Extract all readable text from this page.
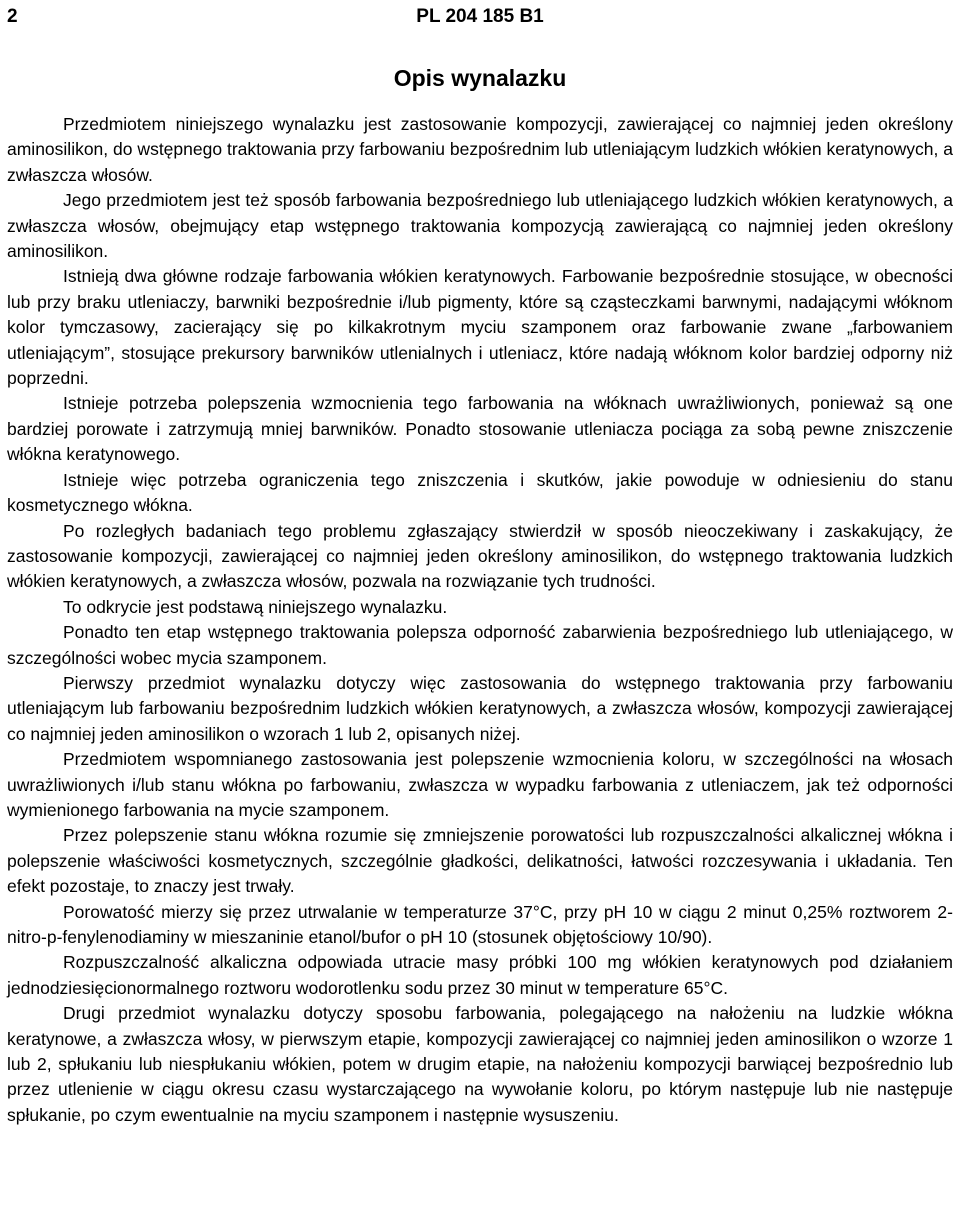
2	PL 204 185 B1
Opis wynalazku

Przedmiotem niniejszego wynalazku jest zastosowanie kompozycji, zawierającej co najmniej jeden określony aminosilikon, do wstępnego traktowania przy farbowaniu bezpośrednim lub utleniającym ludzkich włókien keratynowych, a zwłaszcza włosów.

Jego przedmiotem jest też sposób farbowania bezpośredniego lub utleniającego ludzkich włókien keratynowych, a zwłaszcza włosów, obejmujący etap wstępnego traktowania kompozycją zawierającą co najmniej jeden określony aminosilikon.

Istnieją dwa główne rodzaje farbowania włókien keratynowych. Farbowanie bezpośrednie stosujące, w obecności lub przy braku utleniaczy, barwniki bezpośrednie i/lub pigmenty, które są cząsteczkami barwnymi, nadającymi włóknom kolor tymczasowy, zacierający się po kilkakrotnym myciu szamponem oraz farbowanie zwane „farbowaniem utleniającym”, stosujące prekursory barwników utlenialnych i utleniacz, które nadają włóknom kolor bardziej odporny niż poprzedni.

Istnieje potrzeba polepszenia wzmocnienia tego farbowania na włóknach uwrażliwionych, ponieważ są one bardziej porowate i zatrzymują mniej barwników. Ponadto stosowanie utleniacza pociąga za sobą pewne zniszczenie włókna keratynowego.

Istnieje więc potrzeba ograniczenia tego zniszczenia i skutków, jakie powoduje w odniesieniu do stanu kosmetycznego włókna.

Po rozległych badaniach tego problemu zgłaszający stwierdził w sposób nieoczekiwany i zaskakujący, że zastosowanie kompozycji, zawierającej co najmniej jeden określony aminosilikon, do wstępnego traktowania ludzkich włókien keratynowych, a zwłaszcza włosów, pozwala na rozwiązanie tych trudności.

To odkrycie jest podstawą niniejszego wynalazku.

Ponadto ten etap wstępnego traktowania polepsza odporność zabarwienia bezpośredniego lub utleniającego, w szczególności wobec mycia szamponem.

Pierwszy przedmiot wynalazku dotyczy więc zastosowania do wstępnego traktowania przy farbowaniu utleniającym lub farbowaniu bezpośrednim ludzkich włókien keratynowych, a zwłaszcza włosów, kompozycji zawierającej co najmniej jeden aminosilikon o wzorach 1 lub 2, opisanych niżej.

Przedmiotem wspomnianego zastosowania jest polepszenie wzmocnienia koloru, w szczególności na włosach uwrażliwionych i/lub stanu włókna po farbowaniu, zwłaszcza w wypadku farbowania z utleniaczem, jak też odporności wymienionego farbowania na mycie szamponem.

Przez polepszenie stanu włókna rozumie się zmniejszenie porowatości lub rozpuszczalności alkalicznej włókna i polepszenie właściwości kosmetycznych, szczególnie gładkości, delikatności, łatwości rozczesywania i układania. Ten efekt pozostaje, to znaczy jest trwały.

Porowatość mierzy się przez utrwalanie w temperaturze 37°C, przy pH 10 w ciągu 2 minut 0,25% roztworem 2-nitro-p-fenylenodiaminy w mieszaninie etanol/bufor o pH 10 (stosunek objętościowy 10/90).

Rozpuszczalność alkaliczna odpowiada utracie masy próbki 100 mg włókien keratynowych pod działaniem jednodziesięcionormalnego roztworu wodorotlenku sodu przez 30 minut w temperature 65°C.

Drugi przedmiot wynalazku dotyczy sposobu farbowania, polegającego na nałożeniu na ludzkie włókna keratynowe, a zwłaszcza włosy, w pierwszym etapie, kompozycji zawierającej co najmniej jeden aminosilikon o wzorze 1 lub 2, spłukaniu lub niespłukaniu włókien, potem w drugim etapie, na nałożeniu kompozycji barwiącej bezpośrednio lub przez utlenienie w ciągu okresu czasu wystarczającego na wywołanie koloru, po którym następuje lub nie następuje spłukanie, po czym ewentualnie na myciu szamponem i następnie wysuszeniu.
